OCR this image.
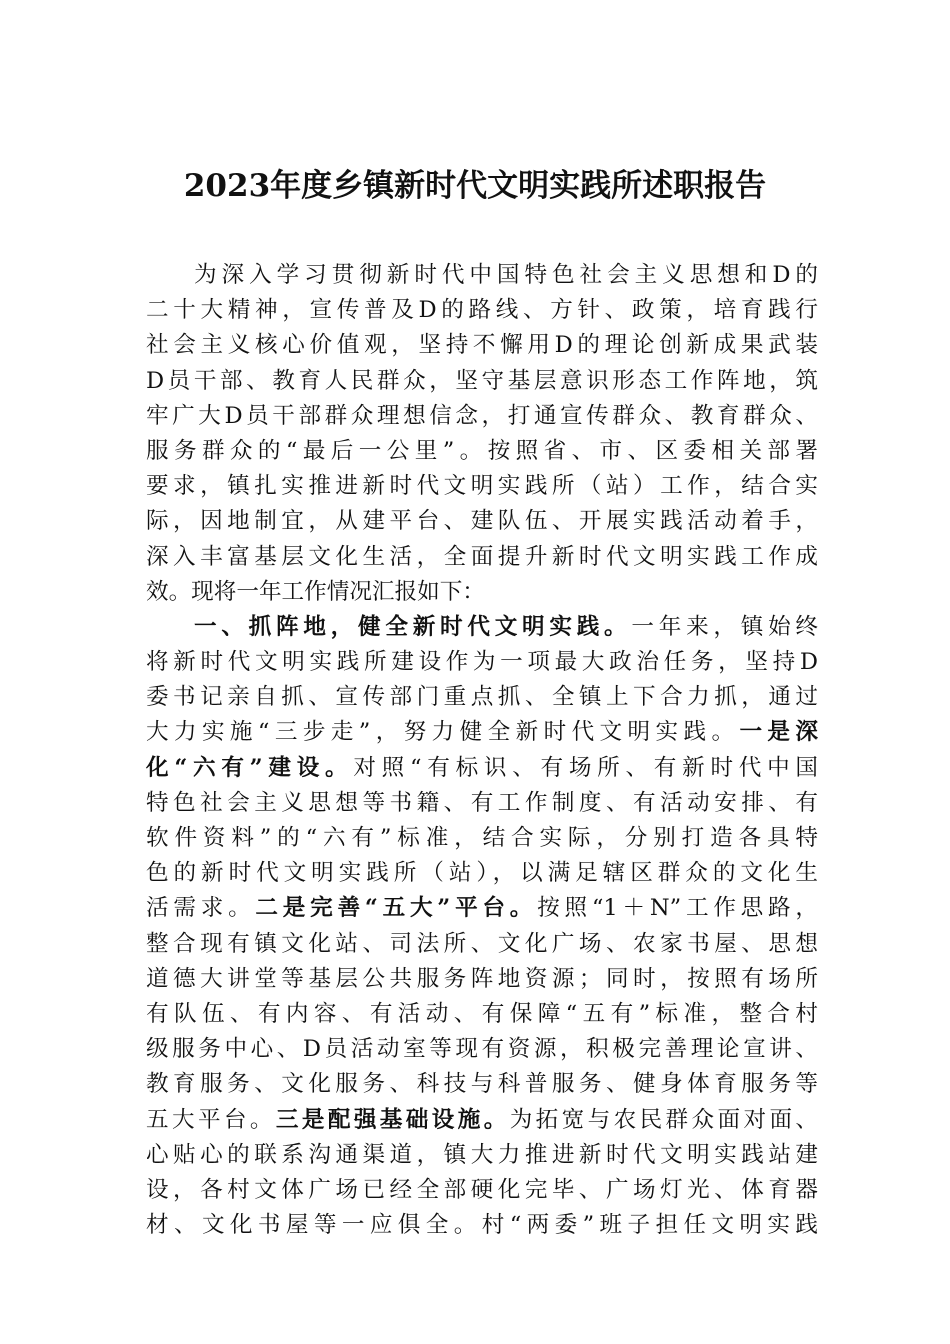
2023年度乡镇新时代文明实践所述职报告
为深入学习贯彻新时代中国特色社会主义思想和D的
二十大精神，宣传普及D的路线、方针、政策，培育践行
社会主义核心价值观，坚持不懈用D的理论创新成果武装
D员干部、教育人民群众，坚守基层意识形态工作阵地，筑
牢广大D员干部群众理想信念，打通宣传群众、教育群众、
服务群众的“最后一公里”。按照省、市、区委相关部署
要求，镇扎实推进新时代文明实践所（站）工作，结合实
际，因地制宜，从建平台、建队伍、开展实践活动着手，
深入丰富基层文化生活，全面提升新时代文明实践工作成
效。现将一年工作情况汇报如下：
一、抓阵地，健全新时代文明实践。一年来，镇始终
将新时代文明实践所建设作为一项最大政治任务，坚持D
委书记亲自抓、宣传部门重点抓、全镇上下合力抓，通过
大力实施“三步走”，努力健全新时代文明实践。一是深
化“六有”建设。对照“有标识、有场所、有新时代中国
特色社会主义思想等书籍、有工作制度、有活动安排、有
软件资料”的“六有”标准，结合实际，分别打造各具特
色的新时代文明实践所（站），以满足辖区群众的文化生
活需求。二是完善“五大”平台。按照“1＋N”工作思路，
整合现有镇文化站、司法所、文化广场、农家书屋、思想
道德大讲堂等基层公共服务阵地资源；同时，按照有场所
有队伍、有内容、有活动、有保障“五有”标准，整合村
级服务中心、D员活动室等现有资源，积极完善理论宣讲、
教育服务、文化服务、科技与科普服务、健身体育服务等
五大平台。三是配强基础设施。为拓宽与农民群众面对面、
心贴心的联系沟通渠道，镇大力推进新时代文明实践站建
设，各村文体广场已经全部硬化完毕、广场灯光、体育器
材、文化书屋等一应俱全。村“两委”班子担任文明实践
